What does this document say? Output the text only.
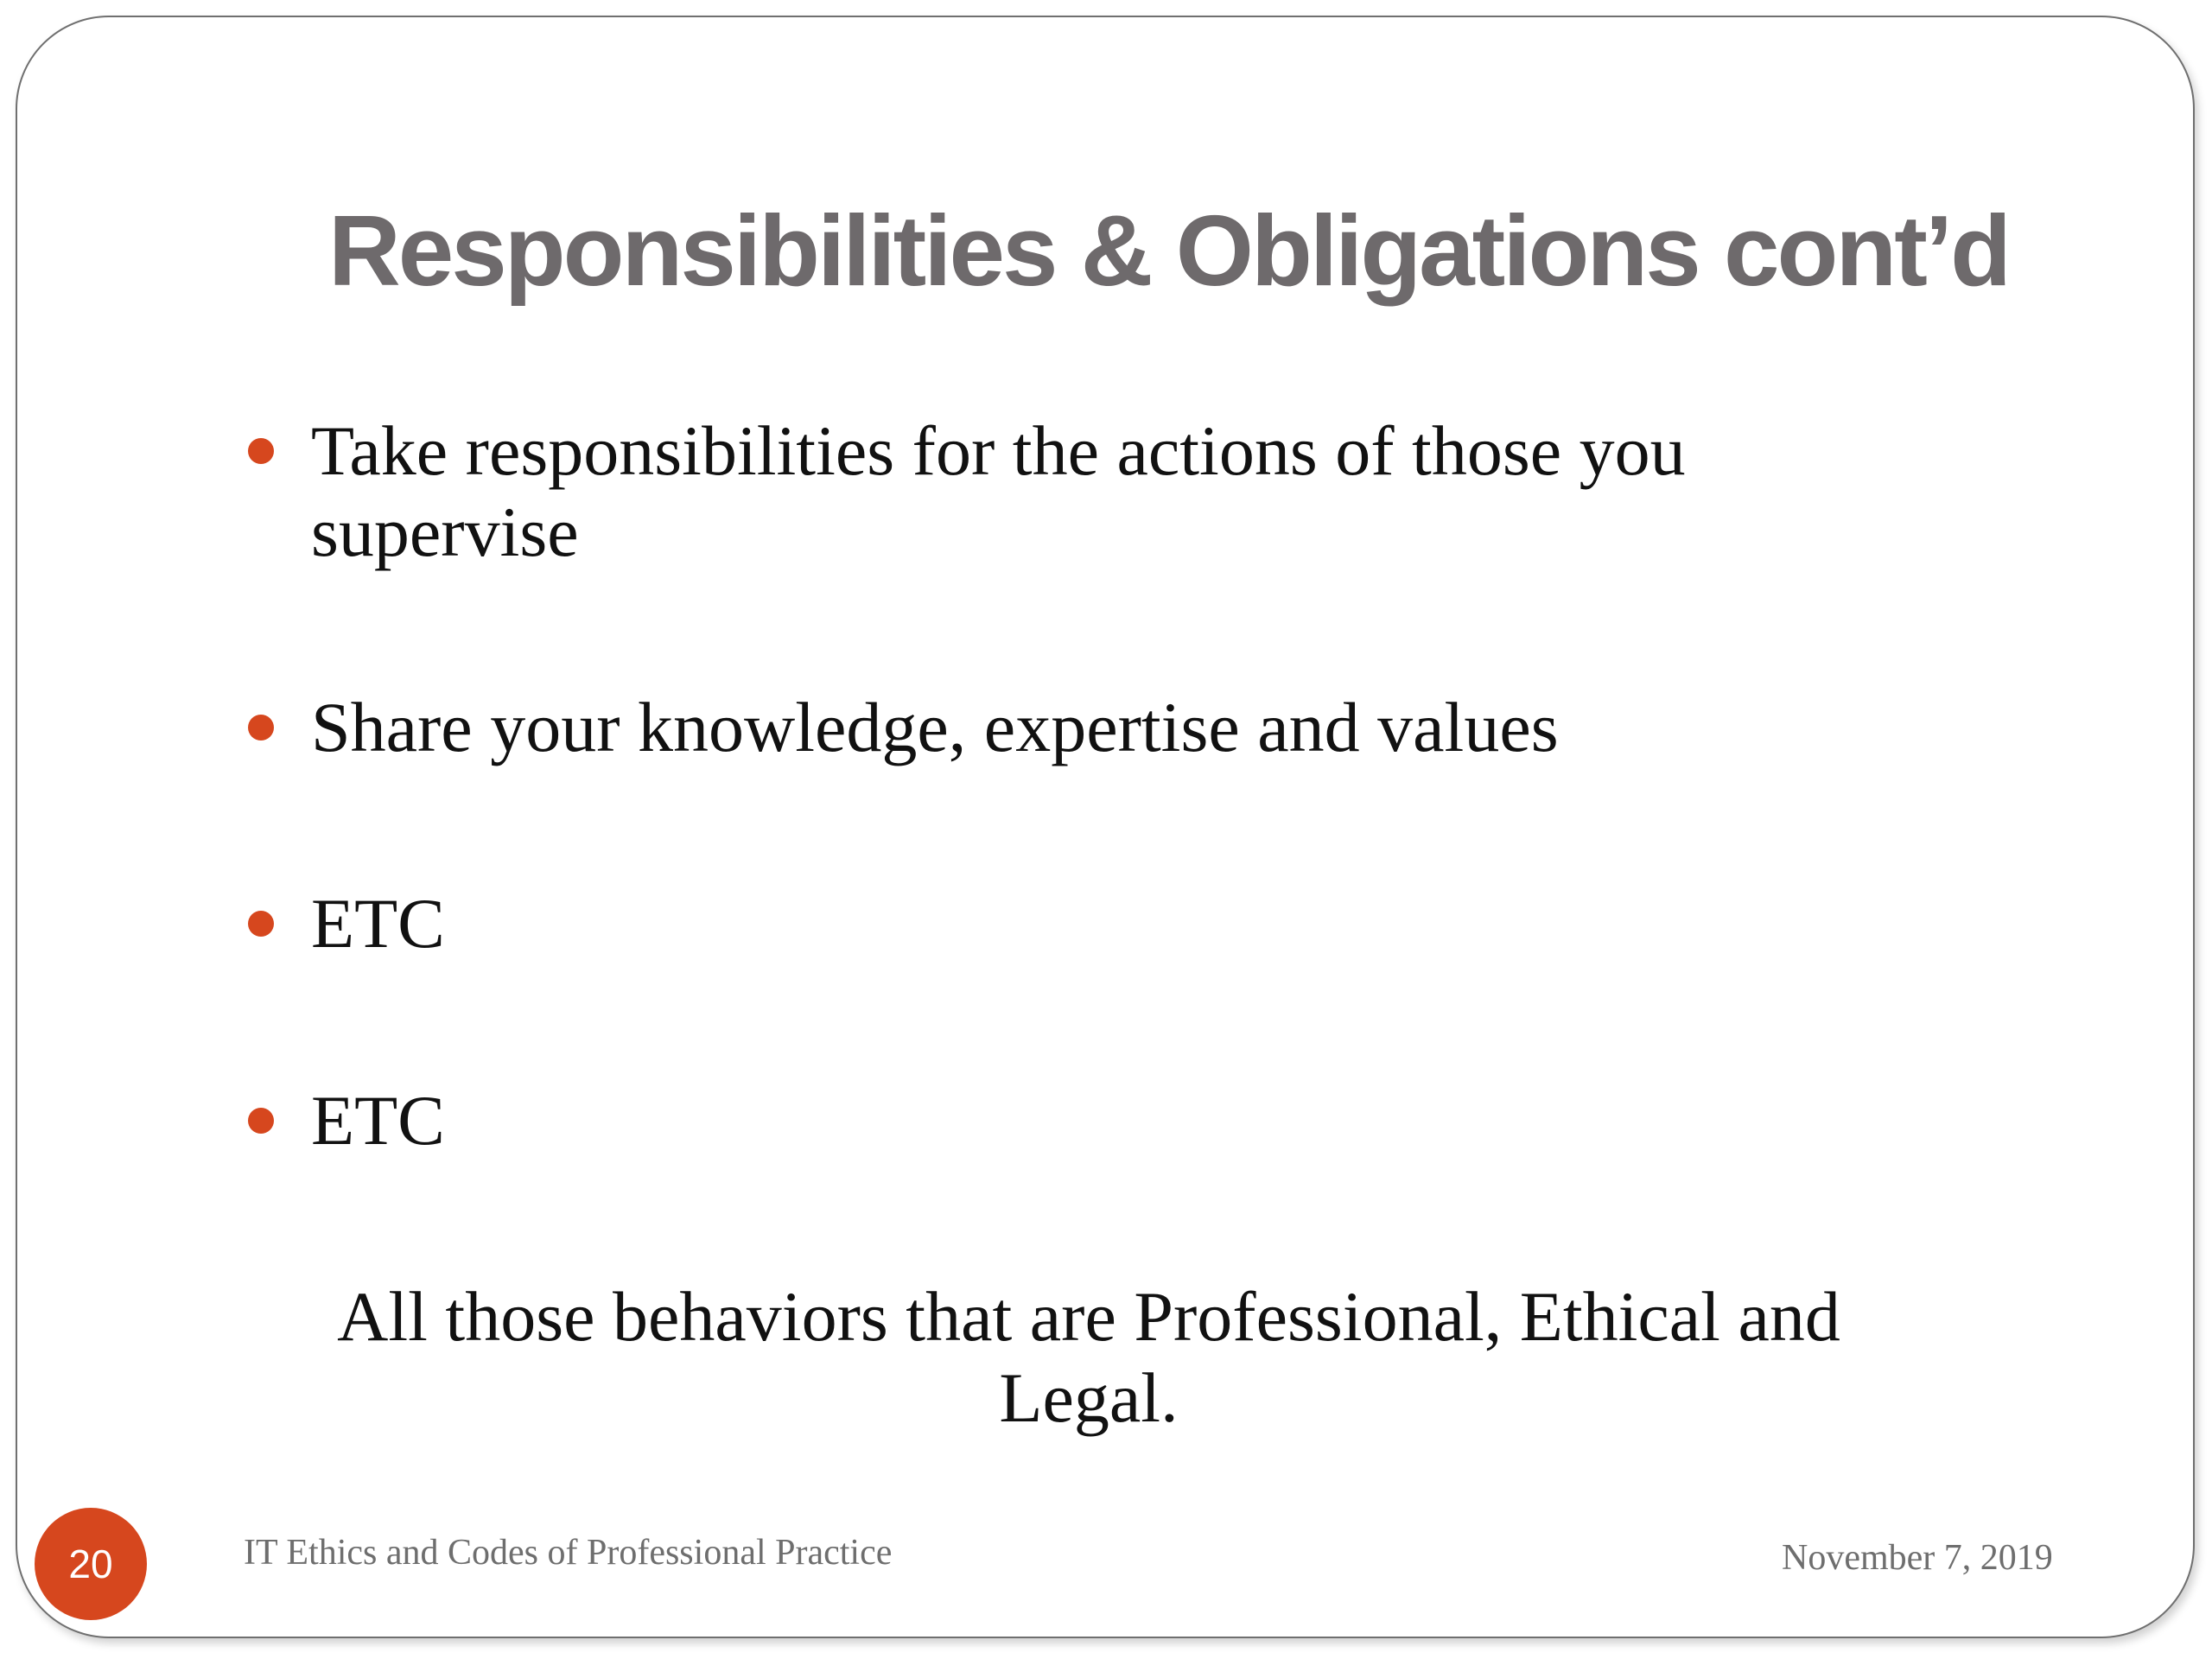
Responsibilities & Obligations cont’d
Take responsibilities for the actions of those you
supervise
Share your knowledge, expertise and values
ETC
ETC
All those behaviors that are Professional, Ethical and
Legal.
20	IT Ethics and Codes of Professional Practice	November 7, 2019
